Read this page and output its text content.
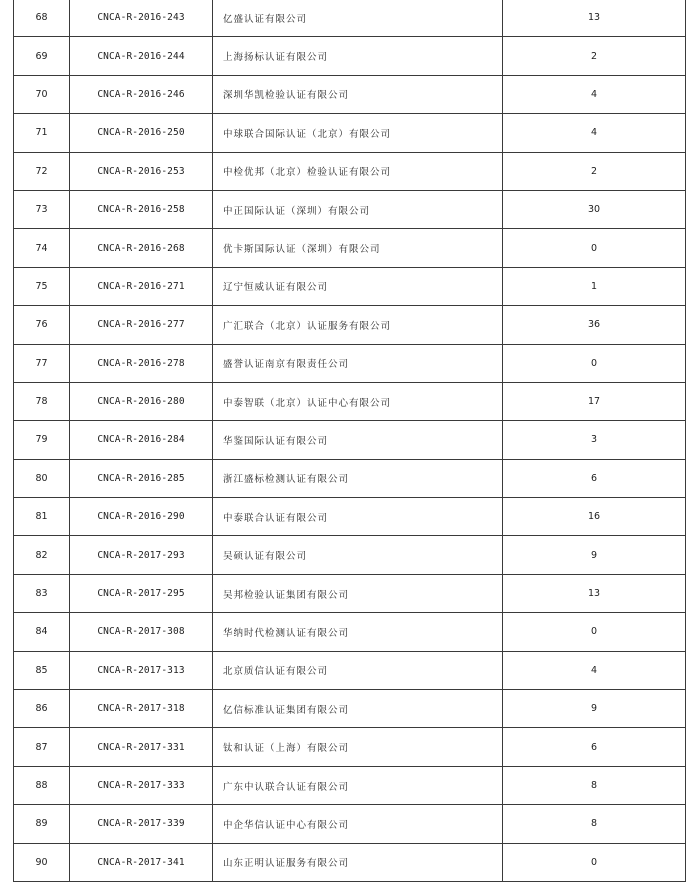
68	CNCA-R-2016-243	亿盛认证有限公司	13
69	CNCA-R-2016-244	上海扬标认证有限公司	2
70	CNCA-R-2016-246	深圳华凯检验认证有限公司	4
71	CNCA-R-2016-250	中球联合国际认证（北京）有限公司	4
72	CNCA-R-2016-253	中检优邦（北京）检验认证有限公司	2
73	CNCA-R-2016-258	中正国际认证（深圳）有限公司	30
74	CNCA-R-2016-268	优卡斯国际认证（深圳）有限公司	0
75	CNCA-R-2016-271	辽宁恒威认证有限公司	1
76	CNCA-R-2016-277	广汇联合（北京）认证服务有限公司	36
77	CNCA-R-2016-278	盛誉认证南京有限责任公司	0
78	CNCA-R-2016-280	中泰智联（北京）认证中心有限公司	17
79	CNCA-R-2016-284	华鉴国际认证有限公司	3
80	CNCA-R-2016-285	浙江盛标检测认证有限公司	6
81	CNCA-R-2016-290	中泰联合认证有限公司	16
82	CNCA-R-2017-293	吴硕认证有限公司	9
83	CNCA-R-2017-295	吴邦检验认证集团有限公司	13
84	CNCA-R-2017-308	华纳时代检测认证有限公司	0
85	CNCA-R-2017-313	北京质信认证有限公司	4
86	CNCA-R-2017-318	亿信标准认证集团有限公司	9
87	CNCA-R-2017-331	钛和认证（上海）有限公司	6
88	CNCA-R-2017-333	广东中认联合认证有限公司	8
89	CNCA-R-2017-339	中企华信认证中心有限公司	8
90	CNCA-R-2017-341	山东正明认证服务有限公司	0
